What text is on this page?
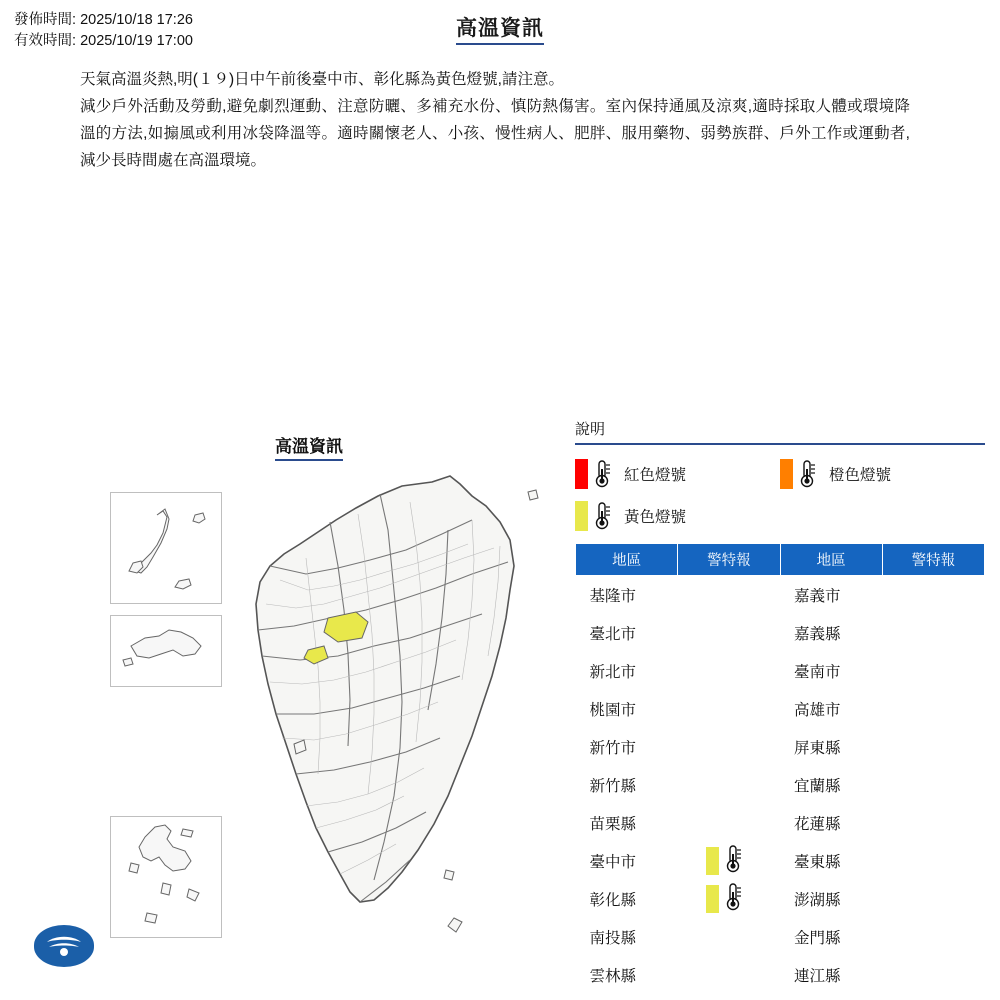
發佈時間: 2025/10/18 17:26
有效時間: 2025/10/19 17:00
高溫資訊

天氣高溫炎熱,明(１９)日中午前後臺中市、彰化縣為黃色燈號,請注意。

減少戶外活動及勞動,避免劇烈運動、注意防曬、多補充水份、慎防熱傷害。室內保持通風及涼爽,適時採取人體或環境降溫的方法,如搧風或利用冰袋降溫等。適時關懷老人、小孩、慢性病人、肥胖、服用藥物、弱勢族群、戶外工作或運動者,減少長時間處在高溫環境。

高溫資訊
說明
紅色燈號	橙色燈號
黃色燈號
地區	警特報	地區	警特報
基隆市		嘉義市	
臺北市		嘉義縣	
新北市		臺南市	
桃園市		高雄市	
新竹市		屏東縣	
新竹縣		宜蘭縣	
苗栗縣		花蓮縣	
臺中市		臺東縣	
彰化縣		澎湖縣	
南投縣		金門縣	
雲林縣		連江縣	
